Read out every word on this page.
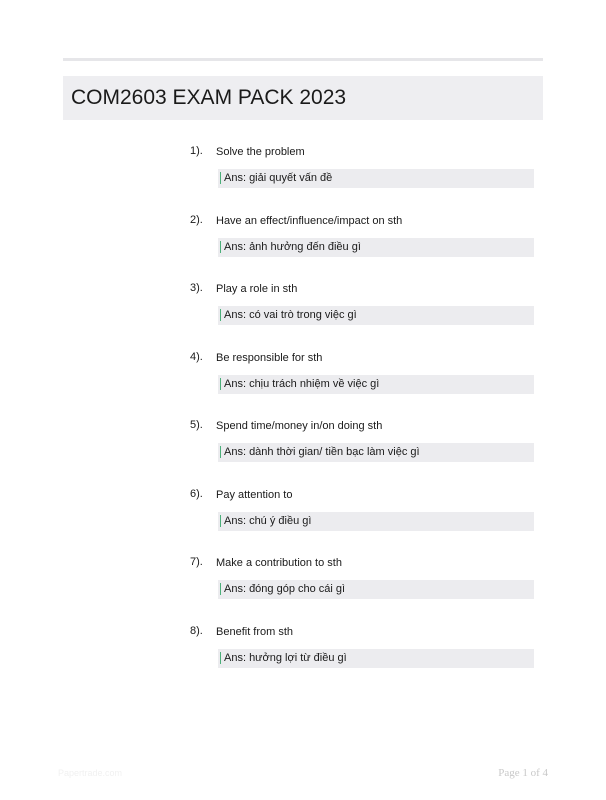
COM2603 EXAM PACK 2023
1). Solve the problem
Ans: giải quyết vấn đề
2). Have an effect/influence/impact on sth
Ans: ảnh hưởng đến điều gì
3). Play a role in sth
Ans: có vai trò trong việc gì
4). Be responsible for sth
Ans: chịu trách nhiệm về việc gì
5). Spend time/money in/on doing sth
Ans: dành thời gian/ tiền bạc làm việc gì
6). Pay attention to
Ans: chú ý điều gì
7). Make a contribution to sth
Ans: đóng góp cho cái gì
8). Benefit from sth
Ans: hưởng lợi từ điều gì
Papertrade.com	Page 1 of 4
